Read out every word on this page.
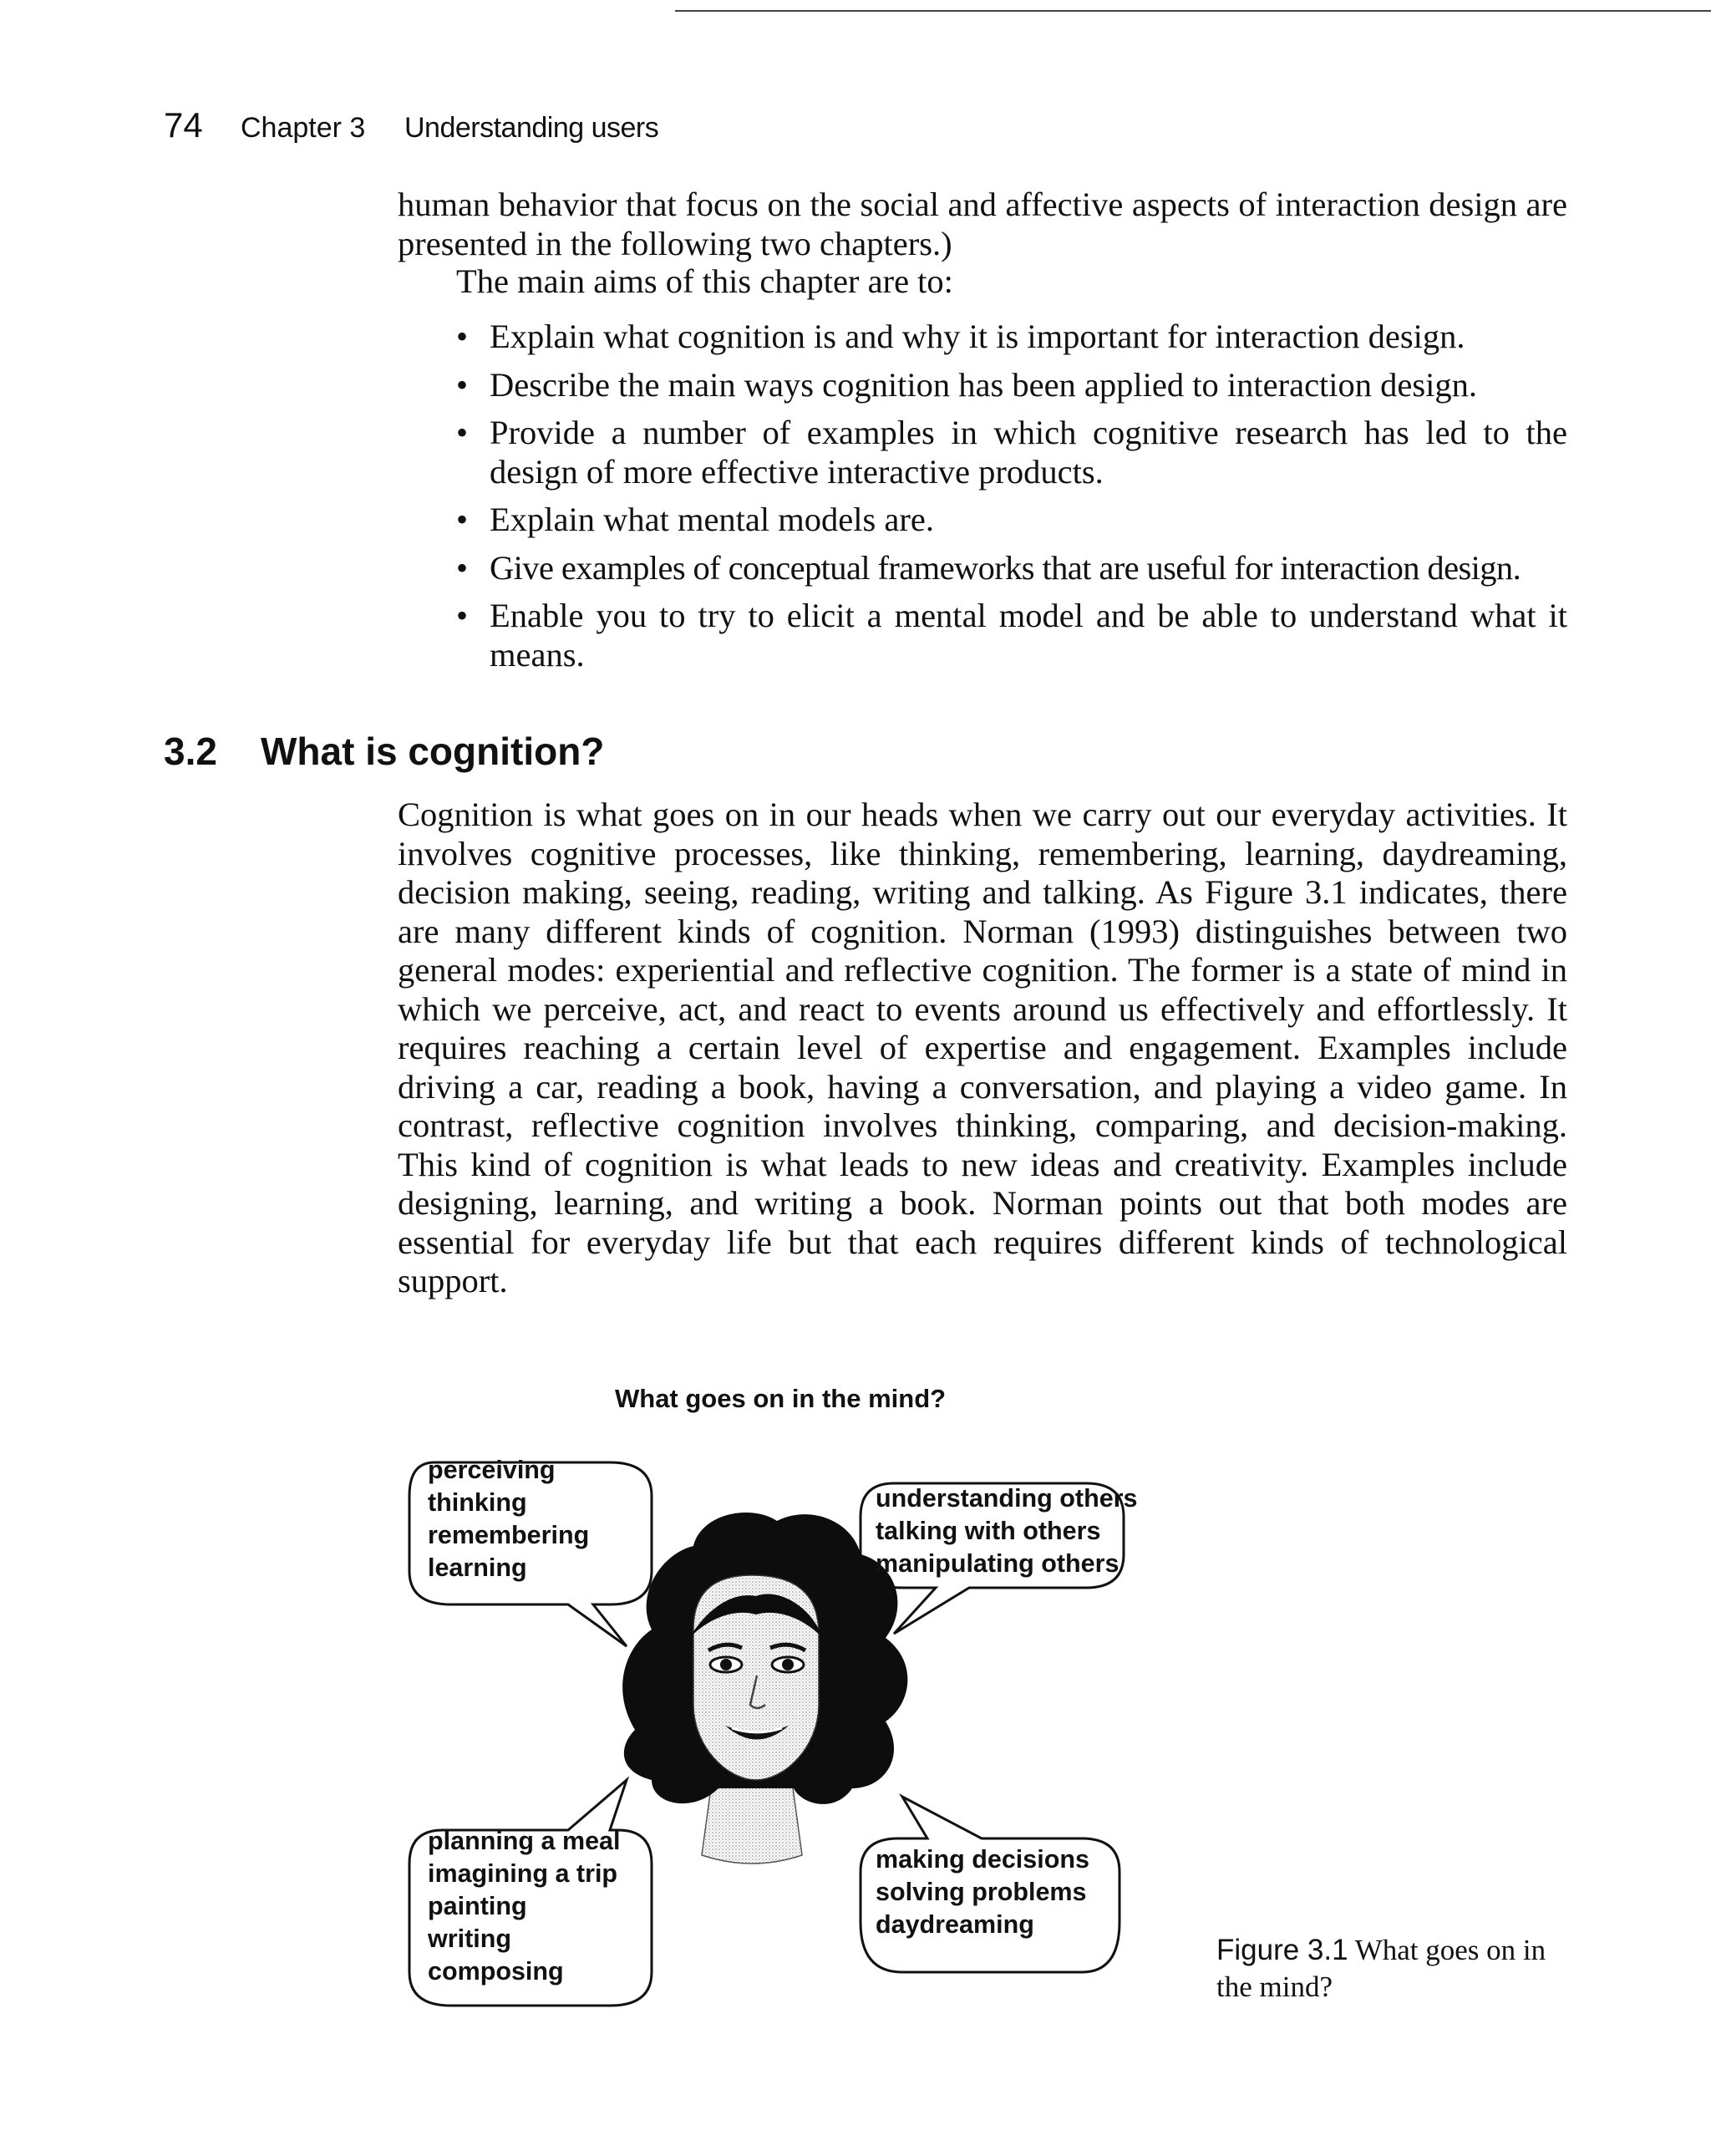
74	Chapter 3	Understanding users

human behavior that focus on the social and affective aspects of interaction design are presented in the following two chapters.)

The main aims of this chapter are to:
• Explain what cognition is and why it is important for interaction design.
• Describe the main ways cognition has been applied to interaction design.
• Provide a number of examples in which cognitive research has led to the design of more effective interactive products.
• Explain what mental models are.
• Give examples of conceptual frameworks that are useful for interaction design.
• Enable you to try to elicit a mental model and be able to understand what it means.
3.2	What is cognition?

Cognition is what goes on in our heads when we carry out our everyday activities. It involves cognitive processes, like thinking, remembering, learning, daydreaming, decision making, seeing, reading, writing and talking. As Figure 3.1 indicates, there are many different kinds of cognition. Norman (1993) distinguishes between two general modes: experiential and reflective cognition. The former is a state of mind in which we perceive, act, and react to events around us effectively and effortlessly. It requires reaching a certain level of expertise and engagement. Examples include driving a car, reading a book, having a conversation, and playing a video game. In contrast, reflective cognition involves thinking, comparing, and decision-making. This kind of cognition is what leads to new ideas and creativity. Examples include designing, learning, and writing a book. Norman points out that both modes are essential for everyday life but that each requires different kinds of technological support.

What goes on in the mind?
perceiving
thinking
remembering
learning
understanding others
talking with others
manipulating others
planning a meal
imagining a trip
painting
writing
composing
making decisions
solving problems
daydreaming
Figure 3.1 What goes on in the mind?
